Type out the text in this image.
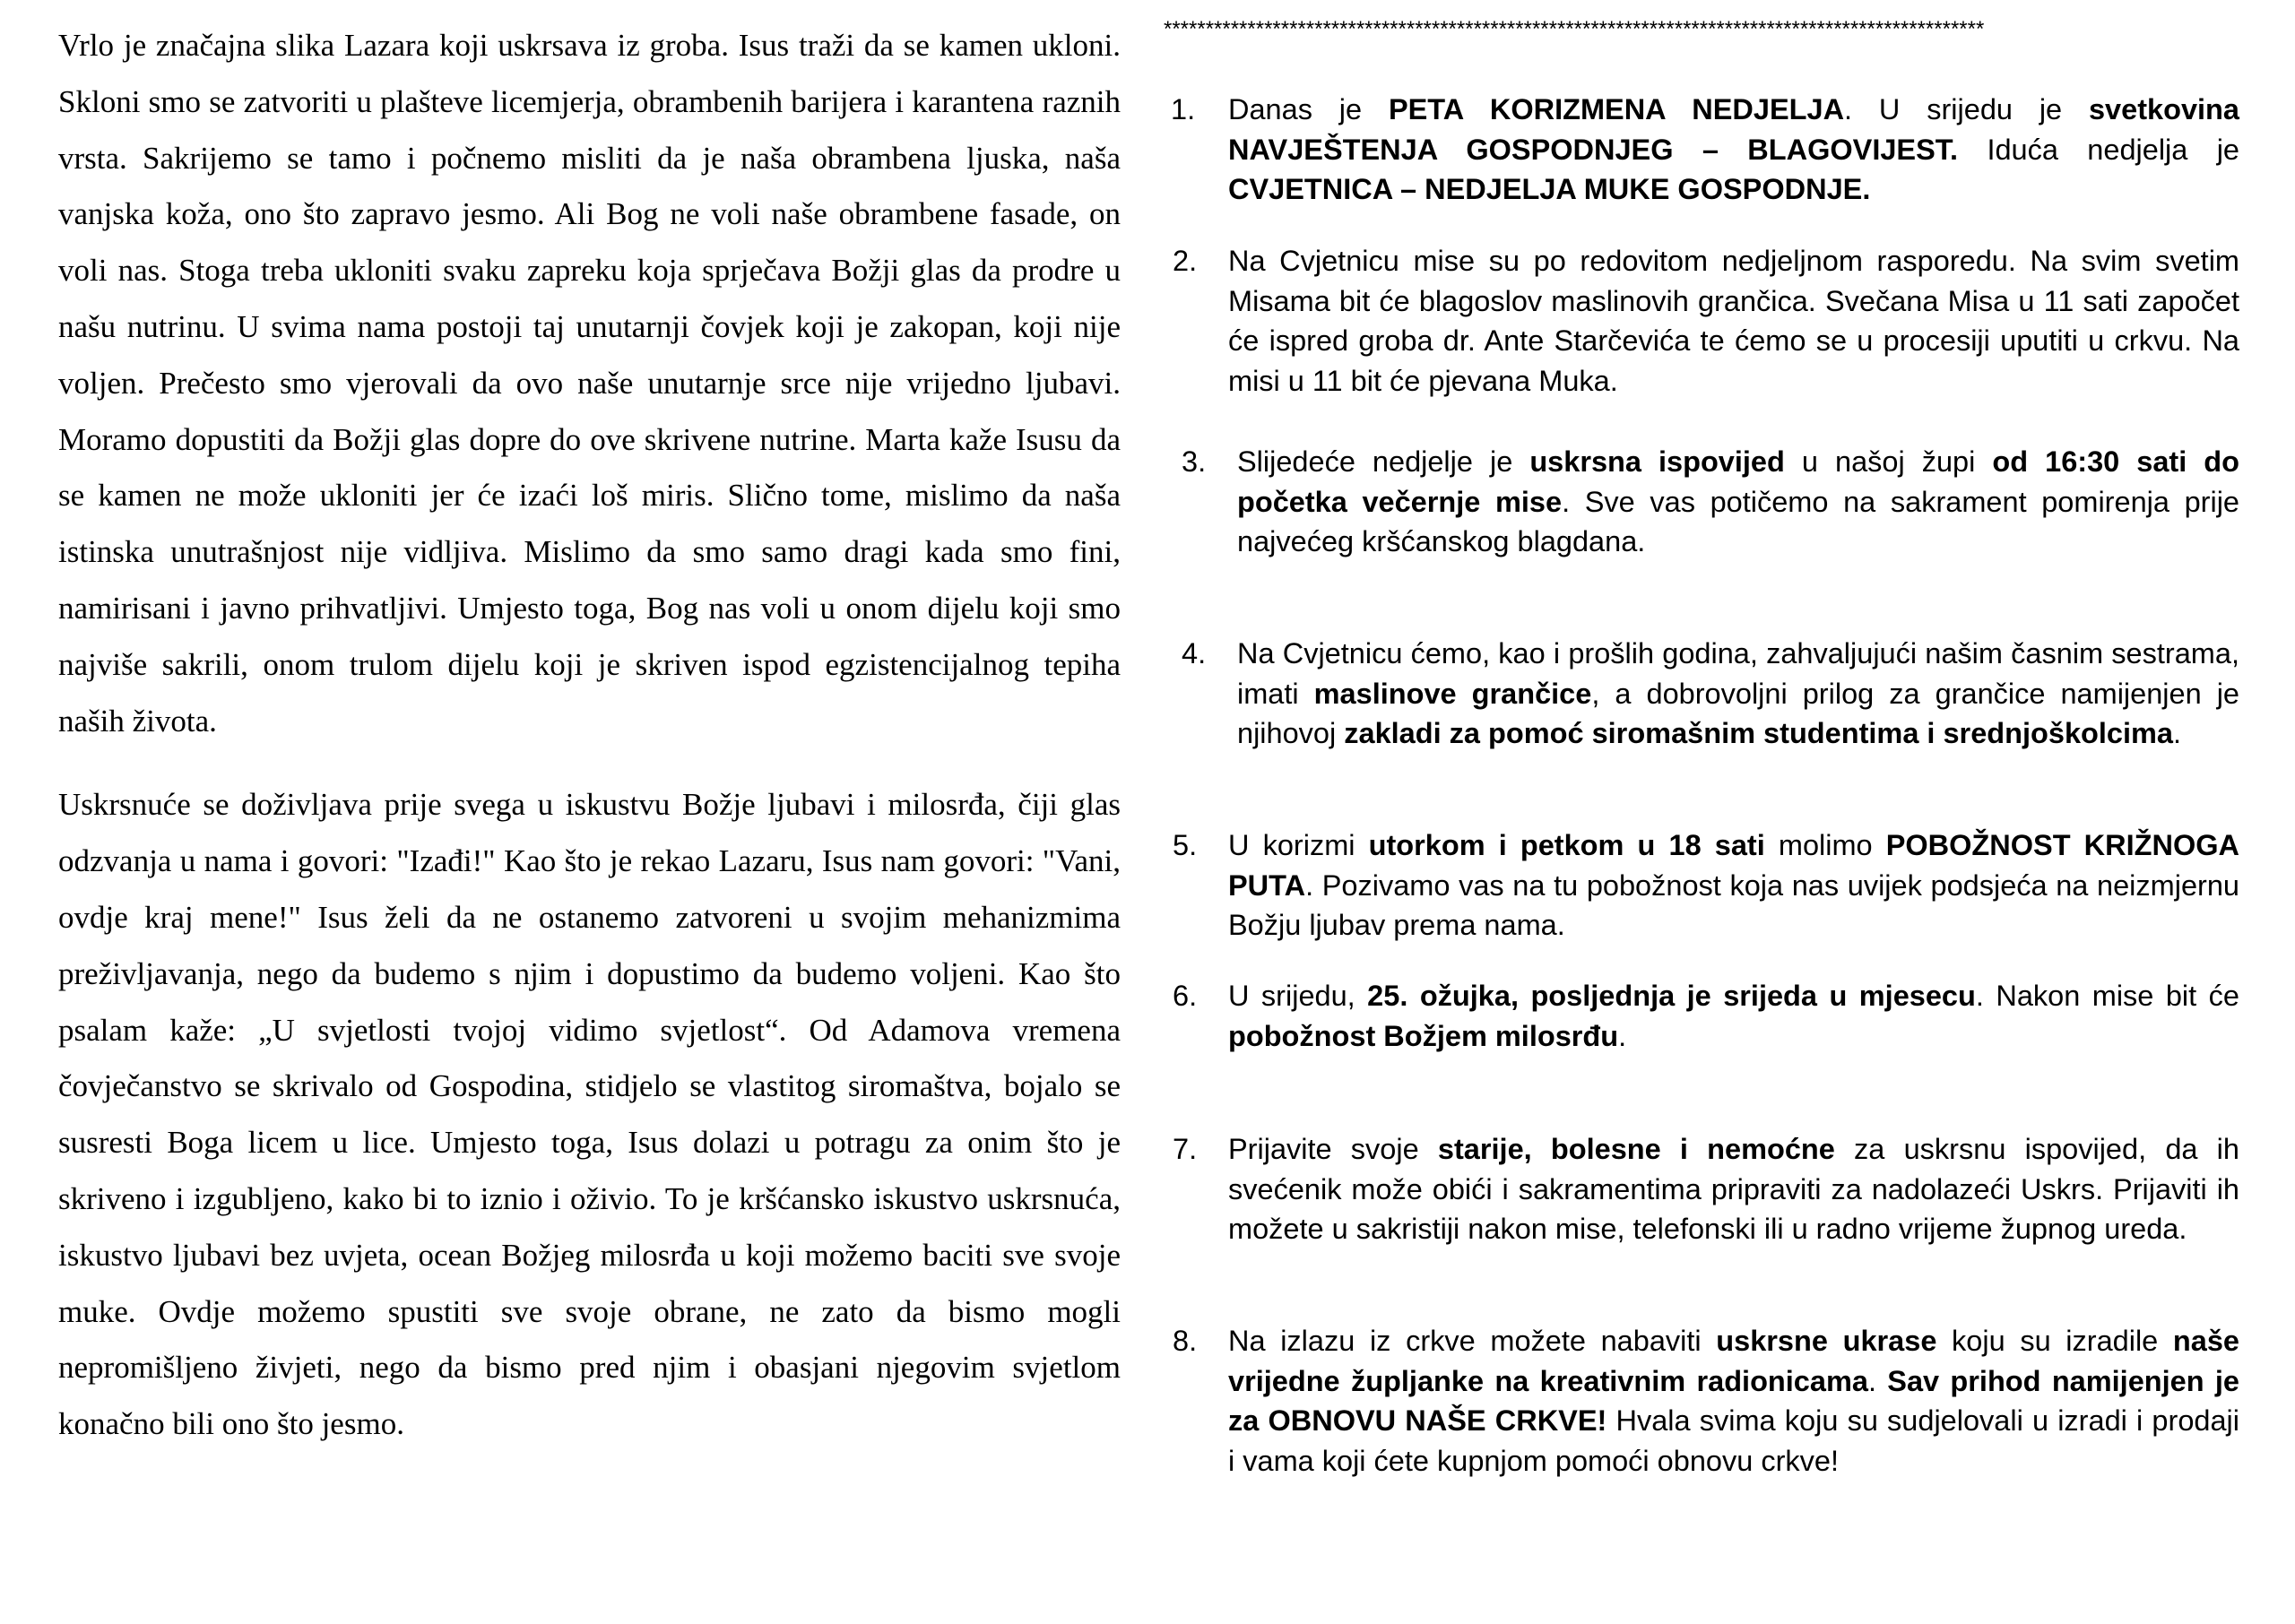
Vrlo je značajna slika Lazara koji uskrsava iz groba. Isus traži da se kamen ukloni. Skloni smo se zatvoriti u plašteve licemjerja, obrambenih barijera i karantena raznih vrsta. Sakrijemo se tamo i počnemo misliti da je naša obrambena ljuska, naša vanjska koža, ono što zapravo jesmo. Ali Bog ne voli naše obrambene fasade, on voli nas. Stoga treba ukloniti svaku zapreku koja sprječava Božji glas da prodre u našu nutrinu. U svima nama postoji taj unutarnji čovjek koji je zakopan, koji nije voljen. Prečesto smo vjerovali da ovo naše unutarnje srce nije vrijedno ljubavi. Moramo dopustiti da Božji glas dopre do ove skrivene nutrine. Marta kaže Isusu da se kamen ne može ukloniti jer će izaći loš miris. Slično tome, mislimo da naša istinska unutrašnjost nije vidljiva. Mislimo da smo samo dragi kada smo fini, namirisani i javno prihvatljivi. Umjesto toga, Bog nas voli u onom dijelu koji smo najviše sakrili, onom trulom dijelu koji je skriven ispod egzistencijalnog tepiha naših života.

Uskrsnuće se doživljava prije svega u iskustvu Božje ljubavi i milosrđa, čiji glas odzvanja u nama i govori: "Izađi!" Kao što je rekao Lazaru, Isus nam govori: "Vani, ovdje kraj mene!" Isus želi da ne ostanemo zatvoreni u svojim mehanizmima preživljavanja, nego da budemo s njim i dopustimo da budemo voljeni. Kao što psalam kaže: „U svjetlosti tvojoj vidimo svjetlost“. Od Adamova vremena čovječanstvo se skrivalo od Gospodina, stidjelo se vlastitog siromaštva, bojalo se susresti Boga licem u lice. Umjesto toga, Isus dolazi u potragu za onim što je skriveno i izgubljeno, kako bi to iznio i oživio. To je kršćansko iskustvo uskrsnuća, iskustvo ljubavi bez uvjeta, ocean Božjeg milosrđa u koji možemo baciti sve svoje muke. Ovdje možemo spustiti sve svoje obrane, ne zato da bismo mogli nepromišljeno živjeti, nego da bismo pred njim i obasjani njegovim svjetlom konačno bili ono što jesmo.

**************************************************************************************************
1. Danas je PETA KORIZMENA NEDJELJA. U srijedu je svetkovina NAVJEŠTENJA GOSPODNJEG – BLAGOVIJEST. Iduća nedjelja je CVJETNICA – NEDJELJA MUKE GOSPODNJE.
2. Na Cvjetnicu mise su po redovitom nedjeljnom rasporedu. Na svim svetim Misama bit će blagoslov maslinovih grančica. Svečana Misa u 11 sati započet će ispred groba dr. Ante Starčevića te ćemo se u procesiji uputiti u crkvu. Na misi u 11 bit će pjevana Muka.
3. Slijedeće nedjelje je uskrsna ispovijed u našoj župi od 16:30 sati do početka večernje mise. Sve vas potičemo na sakrament pomirenja prije najvećeg kršćanskog blagdana.
4. Na Cvjetnicu ćemo, kao i prošlih godina, zahvaljujući našim časnim sestrama, imati maslinove grančice, a dobrovoljni prilog za grančice namijenjen je njihovoj zakladi za pomoć siromašnim studentima i srednjoškolcima.
5. U korizmi utorkom i petkom u 18 sati molimo POBOŽNOST KRIŽNOGA PUTA. Pozivamo vas na tu pobožnost koja nas uvijek podsjeća na neizmjernu Božju ljubav prema nama.
6. U srijedu, 25. ožujka, posljednja je srijeda u mjesecu. Nakon mise bit će pobožnost Božjem milosrđu.
7. Prijavite svoje starije, bolesne i nemoćne za uskrsnu ispovijed, da ih svećenik može obići i sakramentima pripraviti za nadolazeći Uskrs. Prijaviti ih možete u sakristiji nakon mise, telefonski ili u radno vrijeme župnog ureda.
8. Na izlazu iz crkve možete nabaviti uskrsne ukrase koju su izradile naše vrijedne župljanke na kreativnim radionicama. Sav prihod namijenjen je za OBNOVU NAŠE CRKVE! Hvala svima koju su sudjelovali u izradi i prodaji i vama koji ćete kupnjom pomoći obnovu crkve!
